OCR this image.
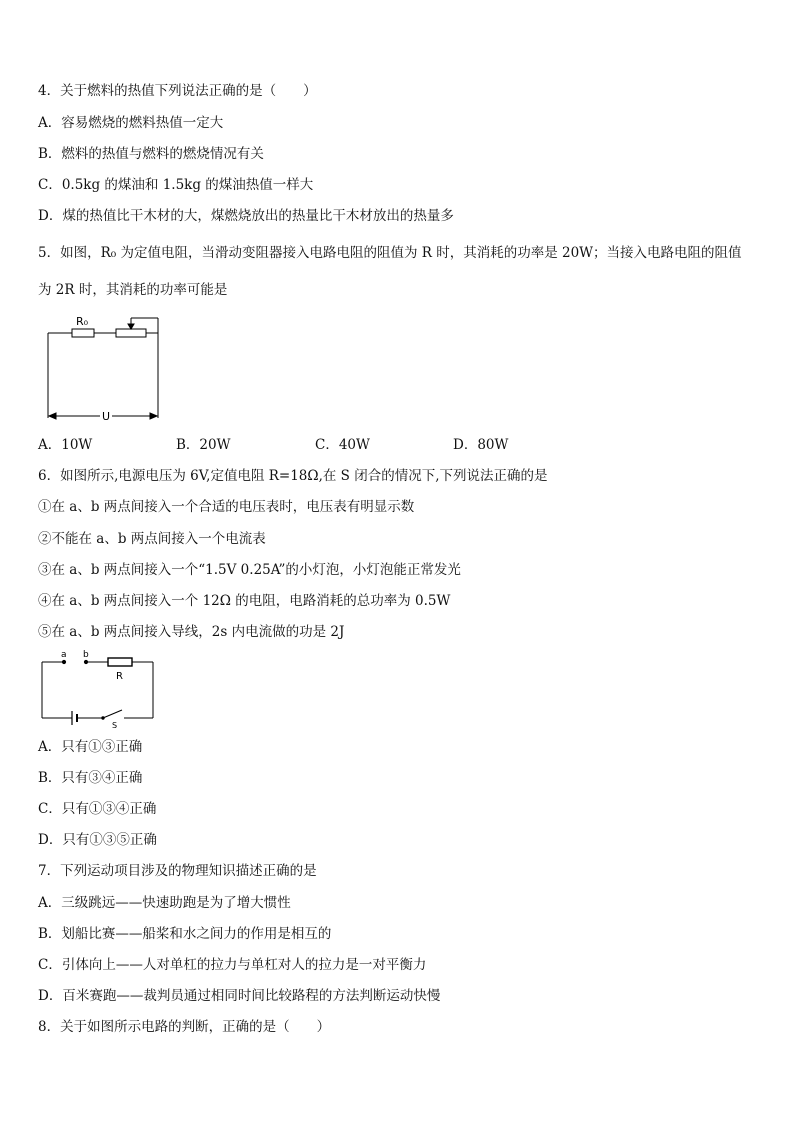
4．关于燃料的热值下列说法正确的是（　　）
A．容易燃烧的燃料热值一定大
B．燃料的热值与燃料的燃烧情况有关
C．0.5kg 的煤油和 1.5kg 的煤油热值一样大
D．煤的热值比干木材的大，煤燃烧放出的热量比干木材放出的热量多
5．如图，R₀ 为定值电阻，当滑动变阻器接入电路电阻的阻值为 R 时，其消耗的功率是 20W；当接入电路电阻的阻值
为 2R 时，其消耗的功率可能是
R₀
U
A．10W	B．20W	C．40W	D．80W
6．如图所示,电源电压为 6V,定值电阻 R=18Ω,在 S 闭合的情况下,下列说法正确的是
①在 a、b 两点间接入一个合适的电压表时，电压表有明显示数
②不能在 a、b 两点间接入一个电流表
③在 a、b 两点间接入一个“1.5V 0.25A”的小灯泡，小灯泡能正常发光
④在 a、b 两点间接入一个 12Ω 的电阻，电路消耗的总功率为 0.5W
⑤在 a、b 两点间接入导线，2s 内电流做的功是 2J
a b
R
S
A．只有①③正确
B．只有③④正确
C．只有①③④正确
D．只有①③⑤正确
7．下列运动项目涉及的物理知识描述正确的是
A．三级跳远——快速助跑是为了增大惯性
B．划船比赛——船桨和水之间力的作用是相互的
C．引体向上——人对单杠的拉力与单杠对人的拉力是一对平衡力
D．百米赛跑——裁判员通过相同时间比较路程的方法判断运动快慢
8．关于如图所示电路的判断，正确的是（　　）
